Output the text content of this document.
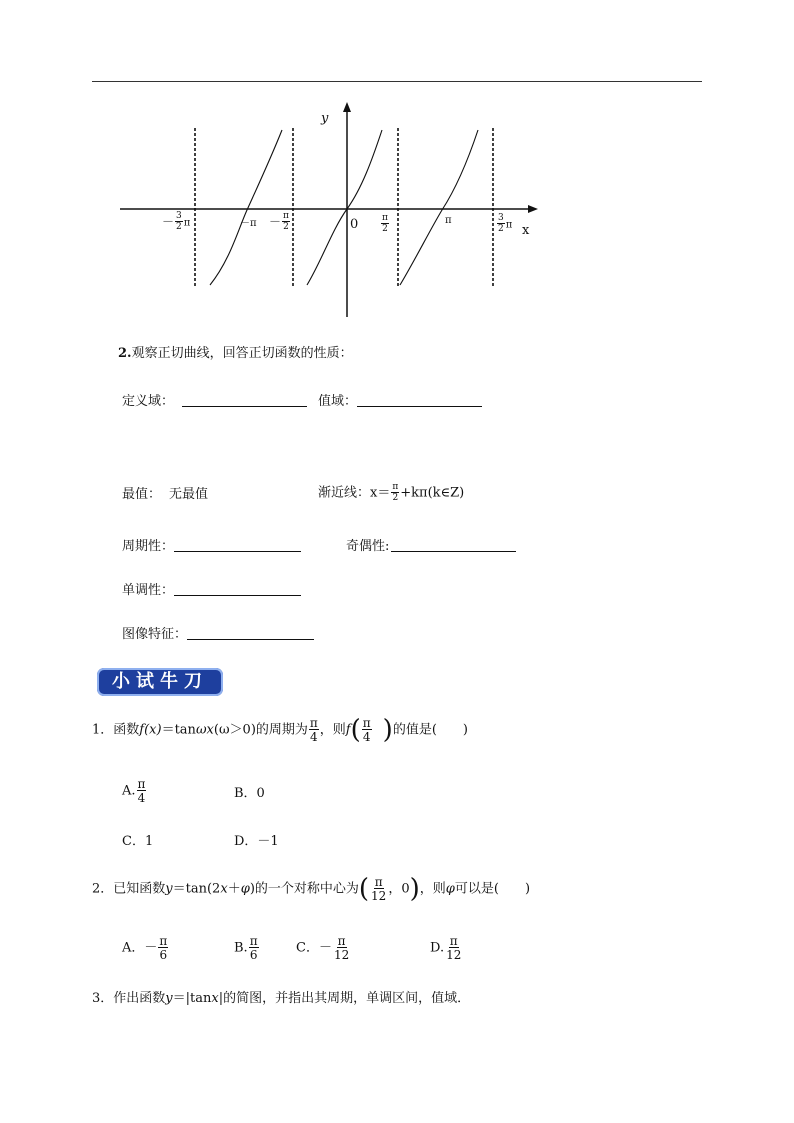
y
x
0
－ $\frac{3}{2}$ π	$-\pi - \frac{\pi}{2}$	$\frac{\pi}{2}$	π	$\frac{3}{2}$ π
2.观察正切曲线，回答正切函数的性质：
定义域：	值域：
最值： 无最值	渐近线：$x= \frac{\pi}{2}$ +kπ(k∈Z)
周期性：	奇偶性:
单调性：
图像特征：
小试牛刀
1．函数f(x)＝tanωx(ω＞0)的周期为 $\frac{\pi}{4}$ ，则$f( \frac{\pi}{4}$ )的值是(　　)
A. $\frac{\pi}{4}$	B．0
C．1	D．－1
2．已知函数y＝tan(2x＋φ)的一个对称中心为( $\frac{\pi}{12}$ ，0)，则φ可以是(　　)
A．－ $\frac{\pi}{6}$	B. $\frac{\pi}{6}$	C．－ $\frac{\pi}{12}$	D. $\frac{\pi}{12}$
3．作出函数y＝|tanx|的简图，并指出其周期，单调区间，值域．
